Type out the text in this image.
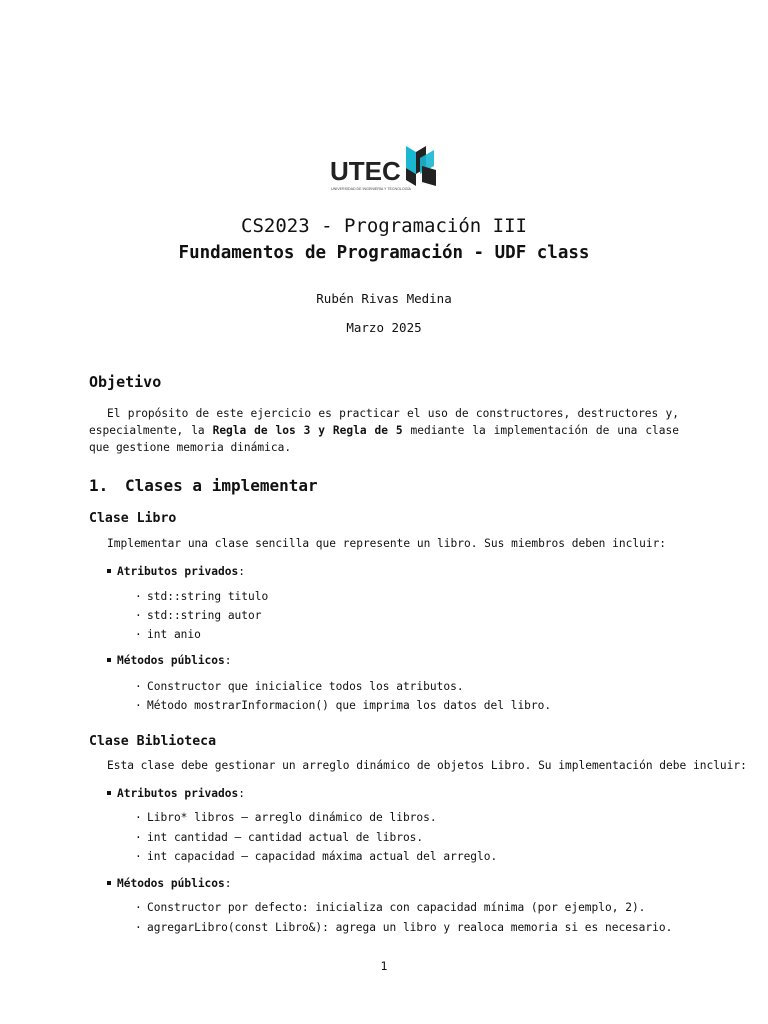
UTEC
UNIVERSIDAD DE INGENIERÍA Y TECNOLOGÍA
CS2023 - Programación III
Fundamentos de Programación - UDF class
Rubén Rivas Medina
Marzo 2025
Objetivo
El propósito de este ejercicio es practicar el uso de constructores, destructores y, especialmente, la Regla de los 3 y Regla de 5 mediante la implementación de una clase que gestione memoria dinámica.
1. Clases a implementar
Clase Libro
Implementar una clase sencilla que represente un libro. Sus miembros deben incluir:
Atributos privados:
· std::string titulo
· std::string autor
· int anio
Métodos públicos:
· Constructor que inicialice todos los atributos.
· Método mostrarInformacion() que imprima los datos del libro.
Clase Biblioteca
Esta clase debe gestionar un arreglo dinámico de objetos Libro. Su implementación debe incluir:
Atributos privados:
· Libro* libros — arreglo dinámico de libros.
· int cantidad — cantidad actual de libros.
· int capacidad — capacidad máxima actual del arreglo.
Métodos públicos:
· Constructor por defecto: inicializa con capacidad mínima (por ejemplo, 2).
· agregarLibro(const Libro&): agrega un libro y realoca memoria si es necesario.
1
